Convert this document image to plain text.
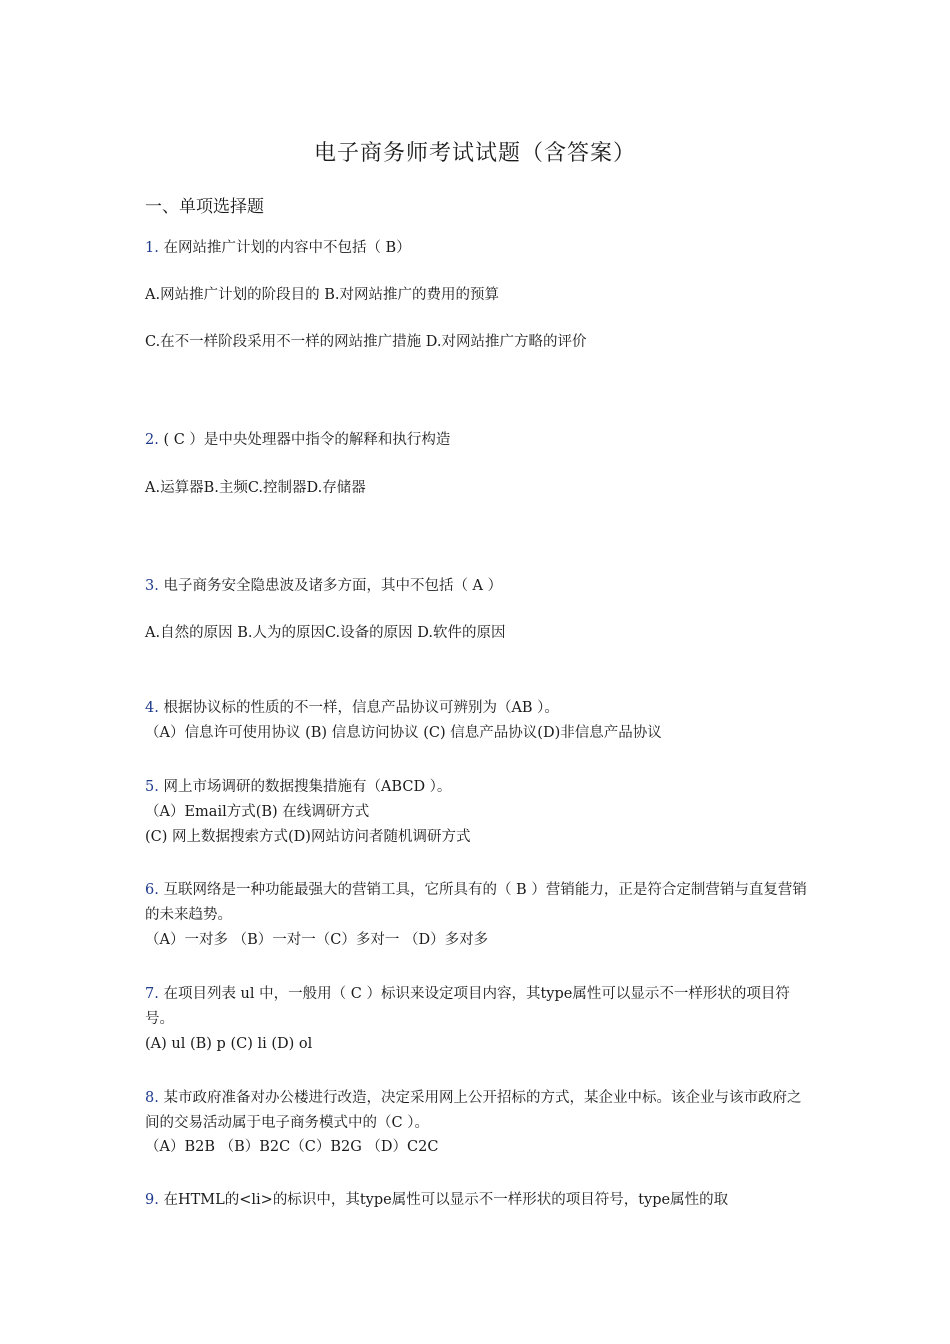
电子商务师考试试题（含答案）
一、单项选择题
1. 在网站推广计划的内容中不包括（ B）
A.网站推广计划的阶段目的 B.对网站推广的费用的预算
C.在不一样阶段采用不一样的网站推广措施 D.对网站推广方略的评价
2. ( C ）是中央处理器中指令的解释和执行构造
A.运算器B.主频C.控制器D.存储器
3. 电子商务安全隐患波及诸多方面，其中不包括（ A ）
A.自然的原因 B.人为的原因C.设备的原因 D.软件的原因
4. 根据协议标的性质的不一样，信息产品协议可辨别为（AB ）。
（A）信息许可使用协议 (B) 信息访问协议 (C) 信息产品协议(D)非信息产品协议
5. 网上市场调研的数据搜集措施有（ABCD ）。
（A）Email方式(B) 在线调研方式
(C) 网上数据搜索方式(D)网站访问者随机调研方式
6. 互联网络是一种功能最强大的营销工具，它所具有的（ B ）营销能力，正是符合定制营销与直复营销的未来趋势。
（A）一对多 （B）一对一（C）多对一 （D）多对多
7. 在项目列表 ul 中，一般用（ C ）标识来设定项目内容，其type属性可以显示不一样形状的项目符号。
(A) ul (B) p (C) li (D) ol
8. 某市政府准备对办公楼进行改造，决定采用网上公开招标的方式，某企业中标。该企业与该市政府之 间的交易活动属于电子商务模式中的（C ）。
（A）B2B （B）B2C（C）B2G （D）C2C
9. 在HTML的<li>的标识中，其type属性可以显示不一样形状的项目符号，type属性的取
